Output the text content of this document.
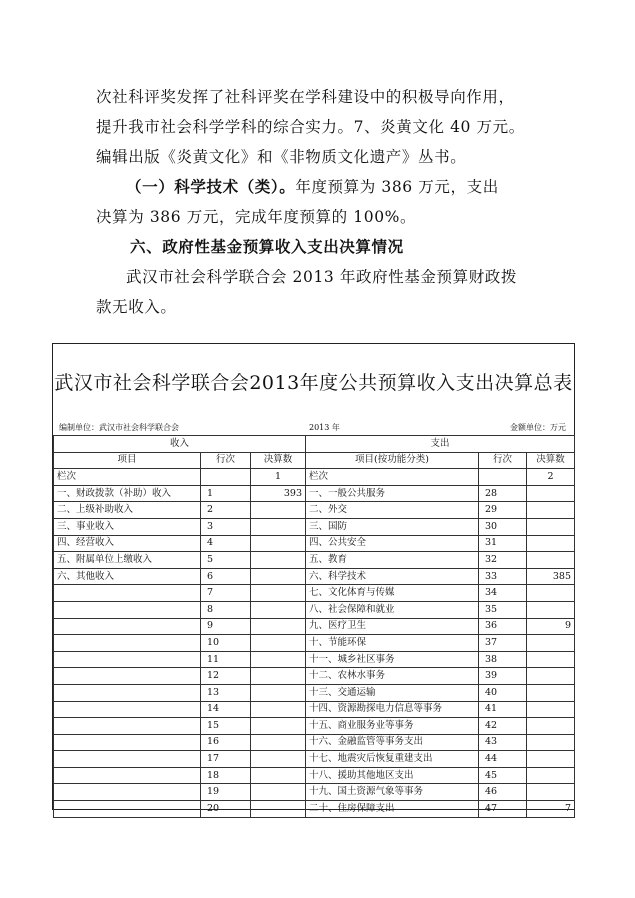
次社科评奖发挥了社科评奖在学科建设中的积极导向作用，
提升我市社会科学学科的综合实力。7、炎黄文化 40 万元。
编辑出版《炎黄文化》和《非物质文化遗产》丛书。
（一）科学技术（类）。年度预算为 386 万元，支出
决算为 386 万元，完成年度预算的 100%。
六、政府性基金预算收入支出决算情况
武汉市社会科学联合会 2013 年政府性基金预算财政拨
款无收入。
武汉市社会科学联合会2013年度公共预算收入支出决算总表
编制单位：武汉市社会科学联合会	2013 年	金额单位：万元
收入			支出		
项目	行次	决算数	项目(按功能分类)	行次	决算数
栏次		1	栏次		2
一、财政拨款（补助）收入	1	393	一、一般公共服务	28	
二、上级补助收入	2		二、外交	29	
三、事业收入	3		三、国防	30	
四、经营收入	4		四、公共安全	31	
五、附属单位上缴收入	5		五、教育	32	
六、其他收入	6		六、科学技术	33	385
	7		七、文化体育与传媒	34	
	8		八、社会保障和就业	35	
	9		九、医疗卫生	36	9
	10		十、节能环保	37	
	11		十一、城乡社区事务	38	
	12		十二、农林水事务	39	
	13		十三、交通运输	40	
	14		十四、资源勘探电力信息等事务	41	
	15		十五、商业服务业等事务	42	
	16		十六、金融监管等事务支出	43	
	17		十七、地震灾后恢复重建支出	44	
	18		十八、援助其他地区支出	45	
	19		十九、国土资源气象等事务	46	
	20		二十、住房保障支出	47	7
